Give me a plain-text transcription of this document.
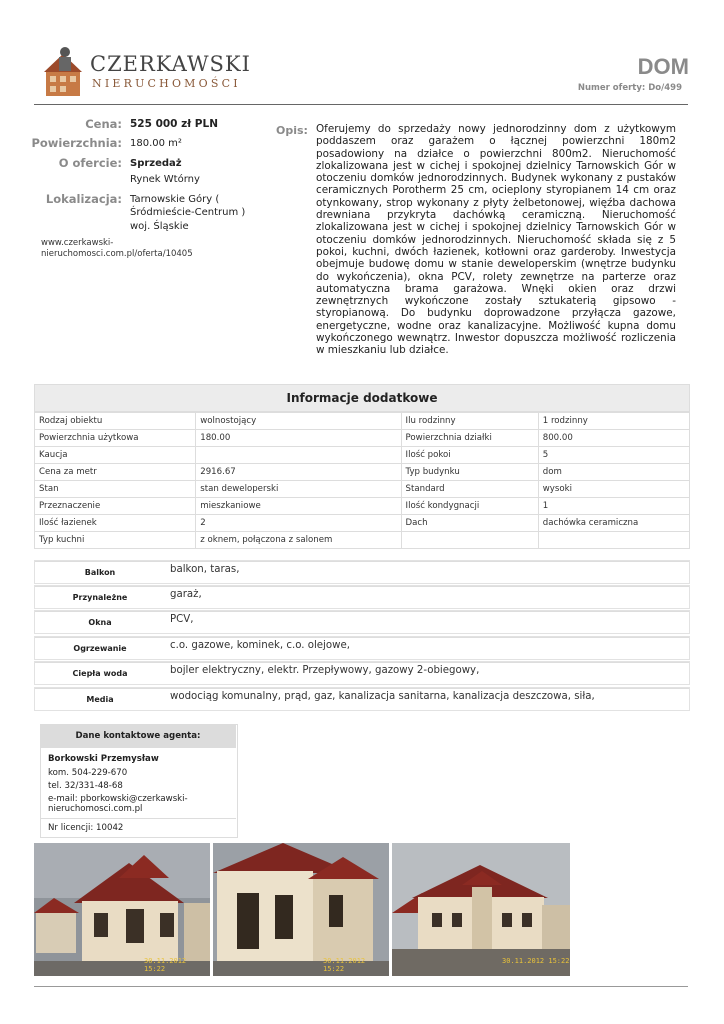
CZERKAWSKI
NIERUCHOMOŚCI
DOM
Numer oferty: Do/499
Cena: 525 000 zł PLN
Powierzchnia: 180.00 m²
O ofercie: Sprzedaż
Rynek Wtórny
Lokalizacja: Tarnowskie Góry (
Śródmieście-Centrum )
woj. Śląskie
www.czerkawski-
nieruchomosci.com.pl/oferta/10405
Opis: Oferujemy do sprzedaży nowy jednorodzinny dom z użytkowym poddaszem oraz garażem o łącznej powierzchni 180m2 posadowiony na działce o powierzchni 800m2. Nieruchomość zlokalizowana jest w cichej i spokojnej dzielnicy Tarnowskich Gór w otoczeniu domków jednorodzinnych. Budynek wykonany z pustaków ceramicznych Porotherm 25 cm, ocieplony styropianem 14 cm oraz otynkowany, strop wykonany z płyty żelbetonowej, więźba dachowa drewniana przykryta dachówką ceramiczną. Nieruchomość zlokalizowana jest w cichej i spokojnej dzielnicy Tarnowskich Gór w otoczeniu domków jednorodzinnych. Nieruchomość składa się z 5 pokoi, kuchni, dwóch łazienek, kotłowni oraz garderoby. Inwestycja obejmuje budowę domu w stanie deweloperskim (wnętrze budynku do wykończenia), okna PCV, rolety zewnętrze na parterze oraz automatyczna brama garażowa. Wnęki okien oraz drzwi zewnętrznych wykończone zostały sztukaterią gipsowo - styropianową. Do budynku doprowadzone przyłącza gazowe, energetyczne, wodne oraz kanalizacyjne. Możliwość kupna domu wykończonego wewnątrz. Inwestor dopuszcza możliwość rozliczenia w mieszkaniu lub działce.
Informacje dodatkowe
Rodzaj obiektu	wolnostojący	Ilu rodzinny	1 rodzinny
Powierzchnia użytkowa	180.00	Powierzchnia działki	800.00
Kaucja		Ilość pokoi	5
Cena za metr	2916.67	Typ budynku	dom
Stan	stan deweloperski	Standard	wysoki
Przeznaczenie	mieszkaniowe	Ilość kondygnacji	1
Ilość łazienek	2	Dach	dachówka ceramiczna
Typ kuchni	z oknem, połączona z salonem		
Balkon	balkon, taras,
Przynależne	garaż,
Okna	PCV,
Ogrzewanie	c.o. gazowe, kominek, c.o. olejowe,
Ciepła woda	bojler elektryczny, elektr. Przepływowy, gazowy 2-obiegowy,
Media	wodociąg komunalny, prąd, gaz, kanalizacja sanitarna, kanalizacja deszczowa, siła,
Dane kontaktowe agenta:
Borkowski Przemysław
kom. 504-229-670
tel. 32/331-48-68
e-mail: pborkowski@czerkawski-
nieruchomosci.com.pl
Nr licencji: 10042
30.11.2012 15:22
30.11.2012 15:22
30.11.2012 15:22
